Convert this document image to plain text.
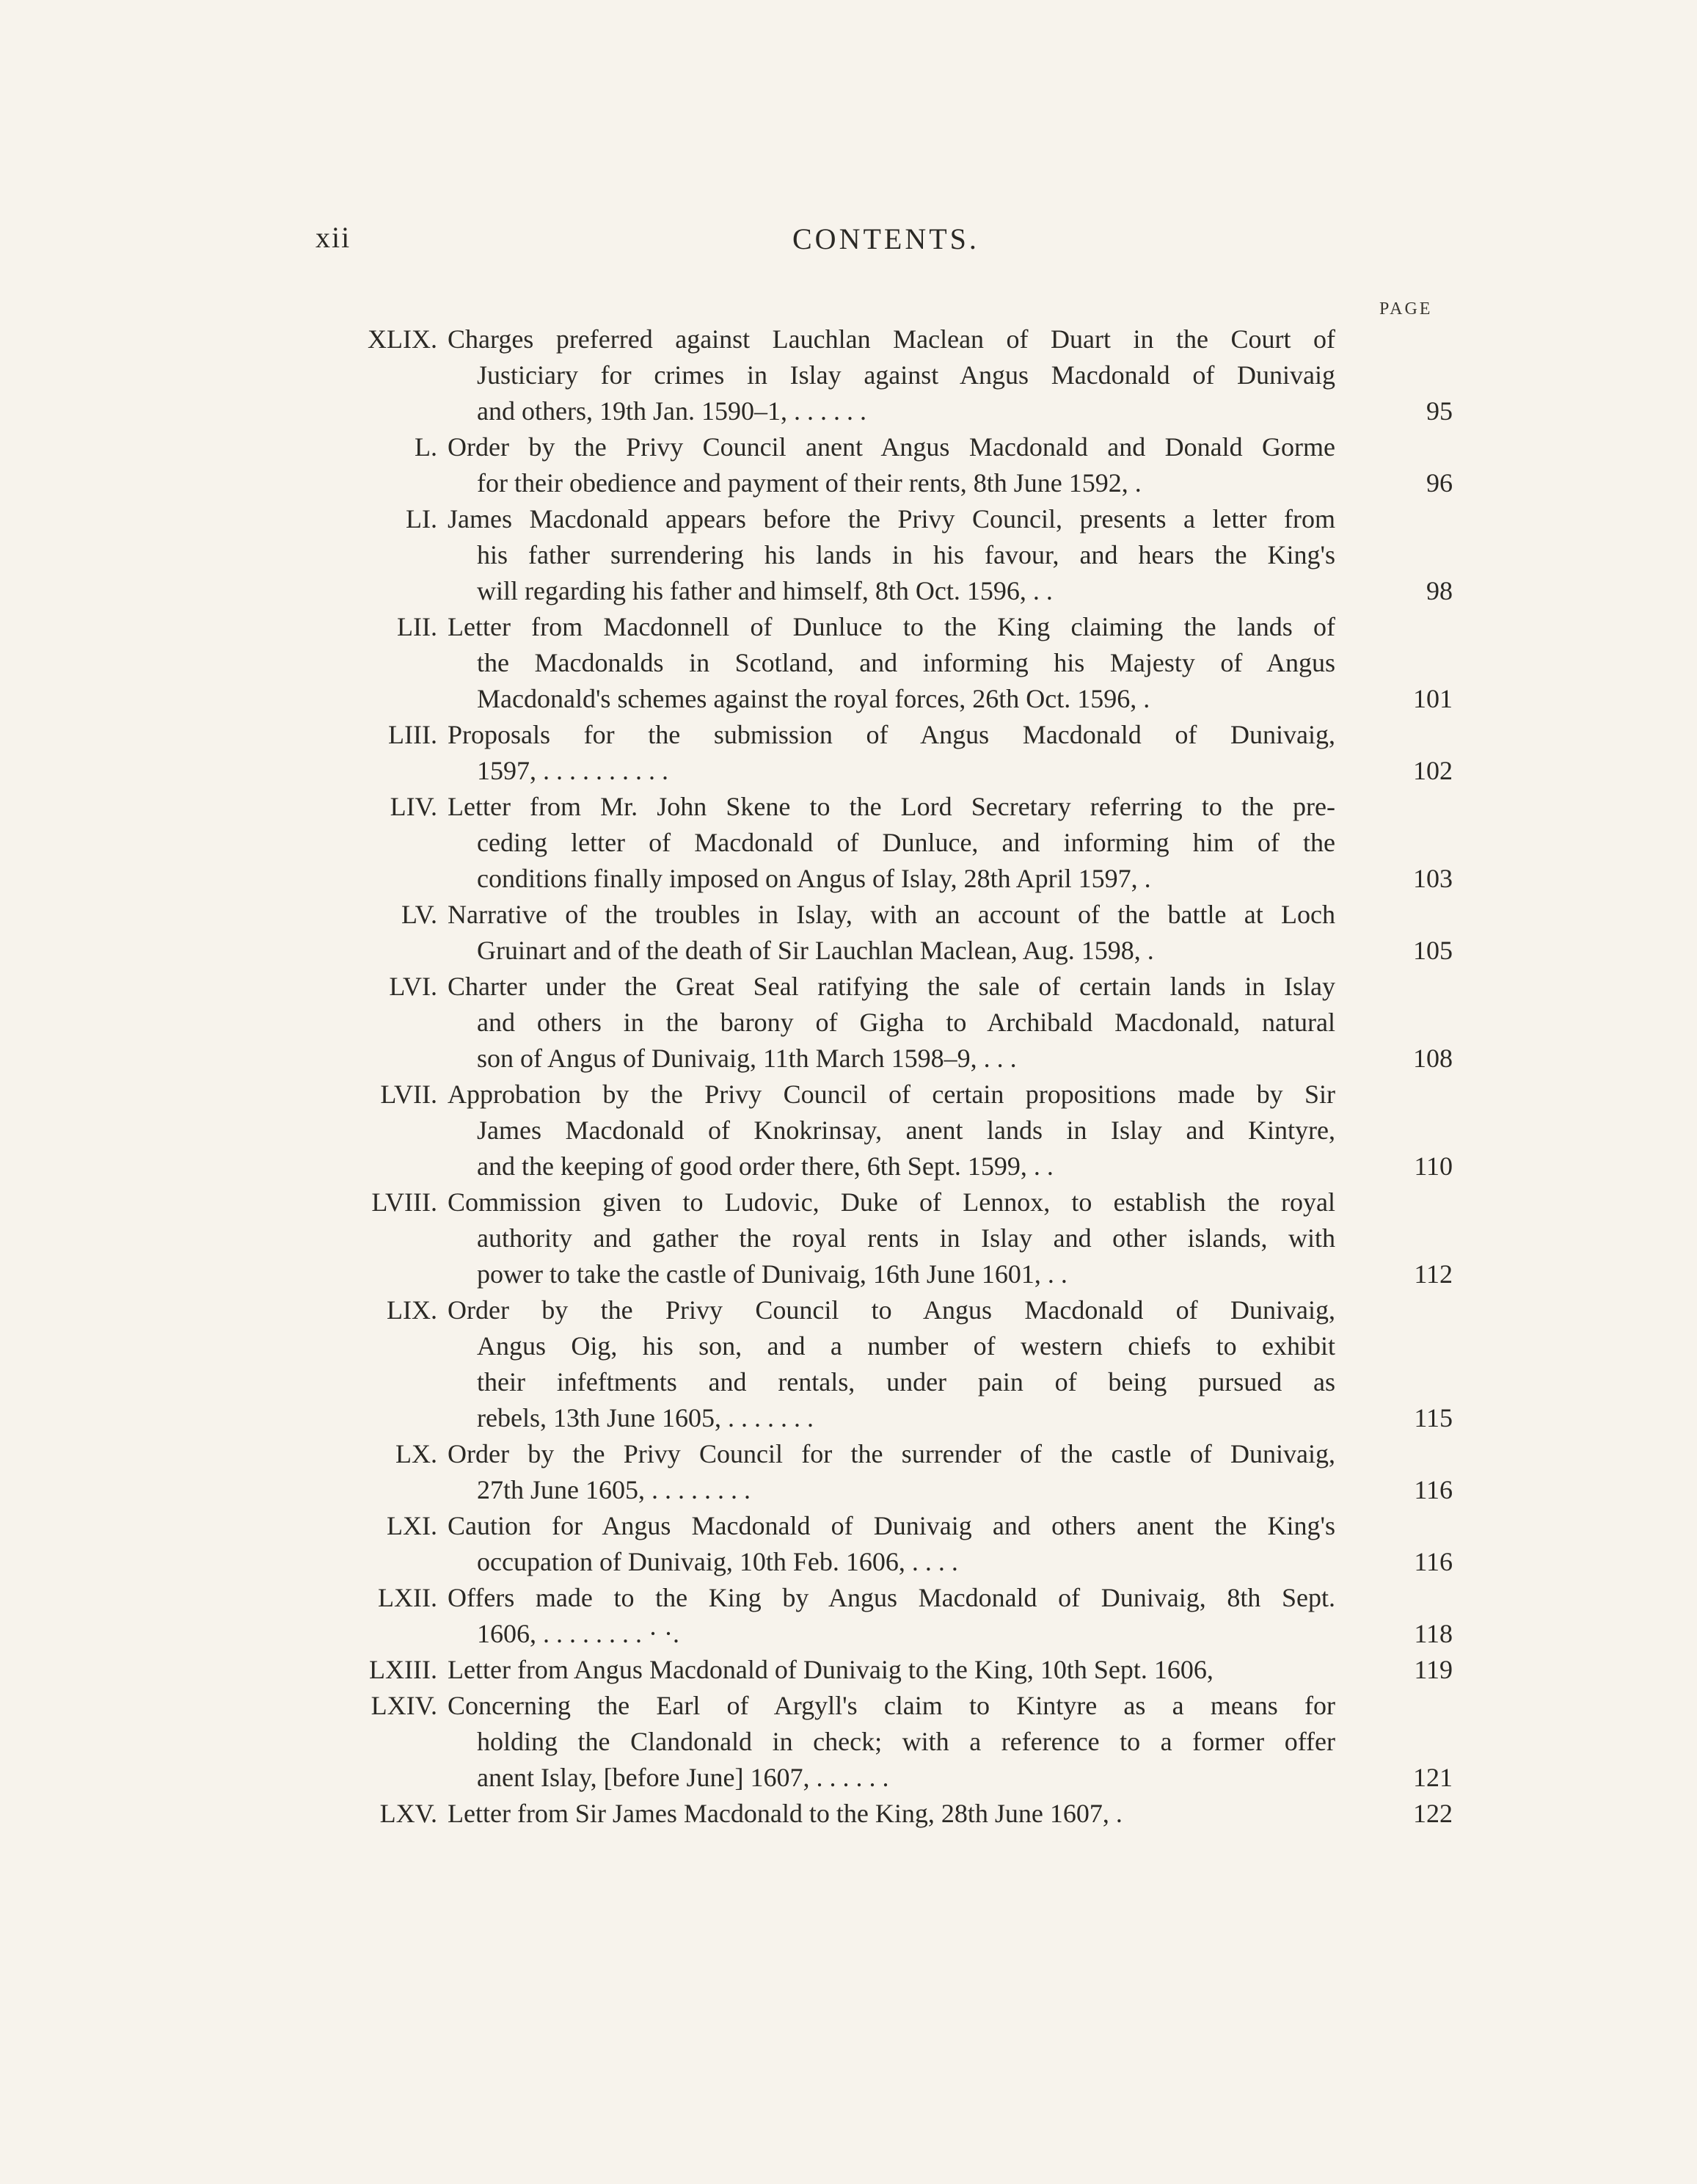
xii	CONTENTS.
PAGE
XLIX. Charges preferred against Lauchlan Maclean of Duart in the Court of
Justiciary for crimes in Islay against Angus Macdonald of Dunivaig
and others, 19th Jan. 1590–1, . . . . . .	95
L. Order by the Privy Council anent Angus Macdonald and Donald Gorme
for their obedience and payment of their rents, 8th June 1592, .	96
LI. James Macdonald appears before the Privy Council, presents a letter from
his father surrendering his lands in his favour, and hears the King's
will regarding his father and himself, 8th Oct. 1596, . .	98
LII. Letter from Macdonnell of Dunluce to the King claiming the lands of
the Macdonalds in Scotland, and informing his Majesty of Angus
Macdonald's schemes against the royal forces, 26th Oct. 1596, .	101
LIII. Proposals for the submission of Angus Macdonald of Dunivaig,
1597, . . . . . . . . . .	102
LIV. Letter from Mr. John Skene to the Lord Secretary referring to the pre-
ceding letter of Macdonald of Dunluce, and informing him of the
conditions finally imposed on Angus of Islay, 28th April 1597, .	103
LV. Narrative of the troubles in Islay, with an account of the battle at Loch
Gruinart and of the death of Sir Lauchlan Maclean, Aug. 1598, .	105
LVI. Charter under the Great Seal ratifying the sale of certain lands in Islay
and others in the barony of Gigha to Archibald Macdonald, natural
son of Angus of Dunivaig, 11th March 1598–9, . . .	108
LVII. Approbation by the Privy Council of certain propositions made by Sir
James Macdonald of Knokrinsay, anent lands in Islay and Kintyre,
and the keeping of good order there, 6th Sept. 1599, . .	110
LVIII. Commission given to Ludovic, Duke of Lennox, to establish the royal
authority and gather the royal rents in Islay and other islands, with
power to take the castle of Dunivaig, 16th June 1601, . .	112
LIX. Order by the Privy Council to Angus Macdonald of Dunivaig,
Angus Oig, his son, and a number of western chiefs to exhibit
their infeftments and rentals, under pain of being pursued as
rebels, 13th June 1605, . . . . . . .	115
LX. Order by the Privy Council for the surrender of the castle of Dunivaig,
27th June 1605, . . . . . . . .	116
LXI. Caution for Angus Macdonald of Dunivaig and others anent the King's
occupation of Dunivaig, 10th Feb. 1606, . . . .	116
LXII. Offers made to the King by Angus Macdonald of Dunivaig, 8th Sept.
1606, . . . . . . . . · ·.	118
LXIII. Letter from Angus Macdonald of Dunivaig to the King, 10th Sept. 1606,	119
LXIV. Concerning the Earl of Argyll's claim to Kintyre as a means for
holding the Clandonald in check; with a reference to a former offer
anent Islay, [before June] 1607, . . . . . .	121
LXV. Letter from Sir James Macdonald to the King, 28th June 1607, .	122
